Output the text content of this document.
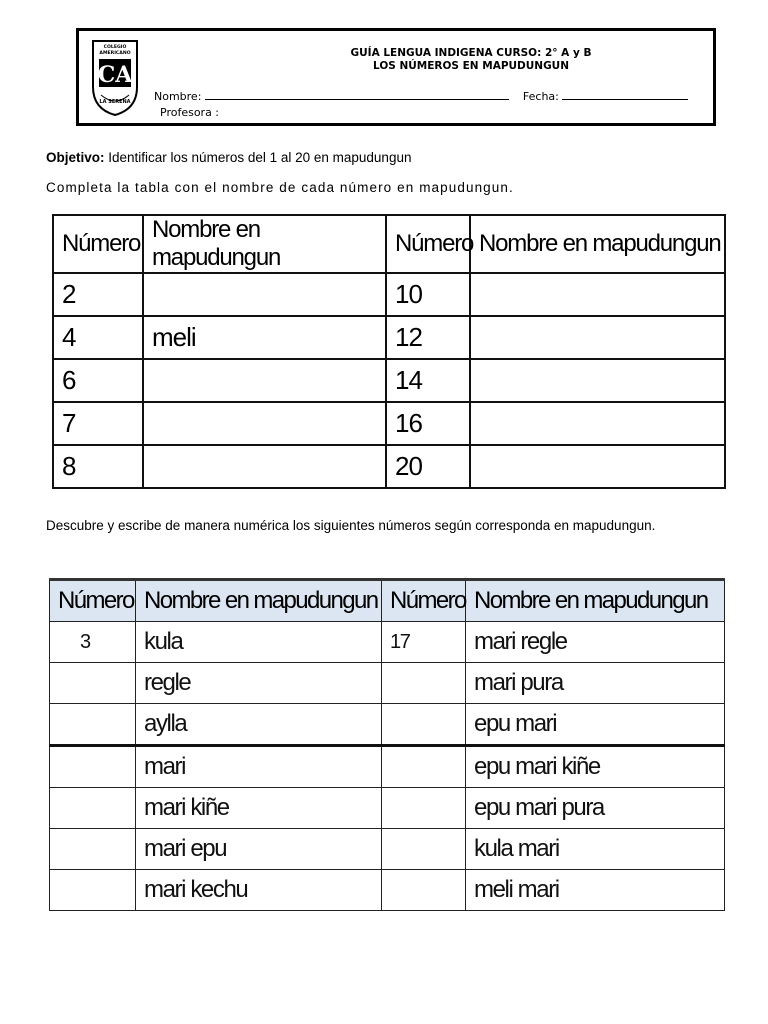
COLEGIO
AMERICANO
CA
LA SERENA
GUÍA LENGUA INDIGENA CURSO: 2° A y B
LOS NÚMEROS EN MAPUDUNGUN
Nombre:	Fecha:
Profesora :
Objetivo: Identificar los números del 1 al 20 en mapudungun
Completa la tabla con el nombre de cada número en mapudungun.
Número	Nombre en mapudungun	Número	Nombre en mapudungun
2		10	
4	meli	12	
6		14	
7		16	
8		20	
Descubre y escribe de manera numérica los siguientes números según corresponda en mapudungun.
Número	Nombre en mapudungun	Número	Nombre en mapudungun
3	kula	17	mari regle
	regle		mari pura
	aylla		epu mari
	mari		epu mari kiñe
	mari kiñe		epu mari pura
	mari epu		kula mari
	mari kechu		meli mari
